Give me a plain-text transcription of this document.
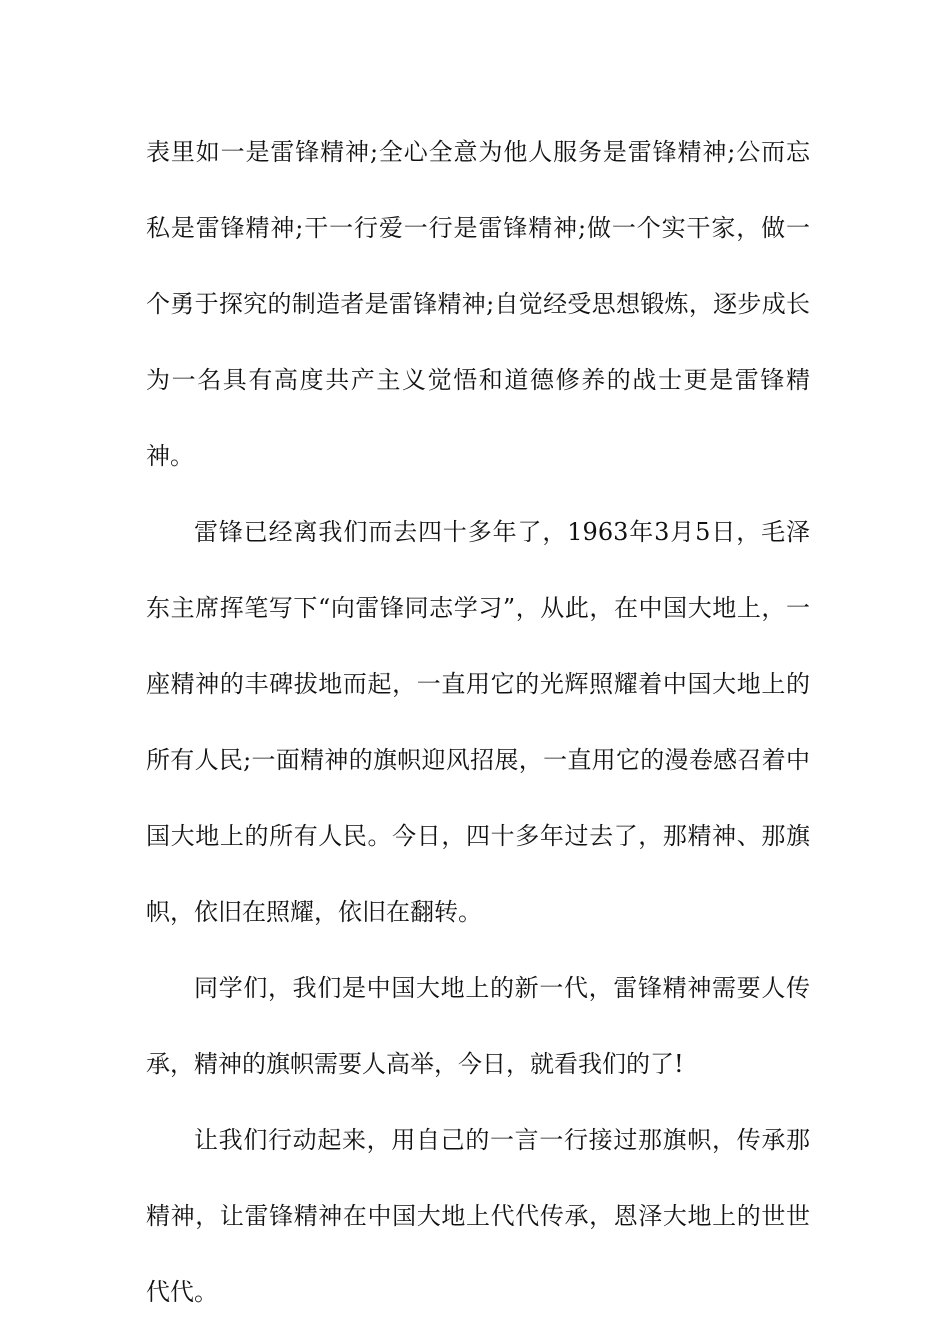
表里如一是雷锋精神;全心全意为他人服务是雷锋精神;公而忘私是雷锋精神;干一行爱一行是雷锋精神;做一个实干家，做一个勇于探究的制造者是雷锋精神;自觉经受思想锻炼，逐步成长为一名具有高度共产主义觉悟和道德修养的战士更是雷锋精神。

雷锋已经离我们而去四十多年了，1963年3月5日，毛泽东主席挥笔写下“向雷锋同志学习”，从此，在中国大地上，一座精神的丰碑拔地而起，一直用它的光辉照耀着中国大地上的所有人民;一面精神的旗帜迎风招展，一直用它的漫卷感召着中国大地上的所有人民。今日，四十多年过去了，那精神、那旗帜，依旧在照耀，依旧在翻转。

同学们，我们是中国大地上的新一代，雷锋精神需要人传承，精神的旗帜需要人高举，今日，就看我们的了!

让我们行动起来，用自己的一言一行接过那旗帜，传承那精神，让雷锋精神在中国大地上代代传承，恩泽大地上的世世代代。
